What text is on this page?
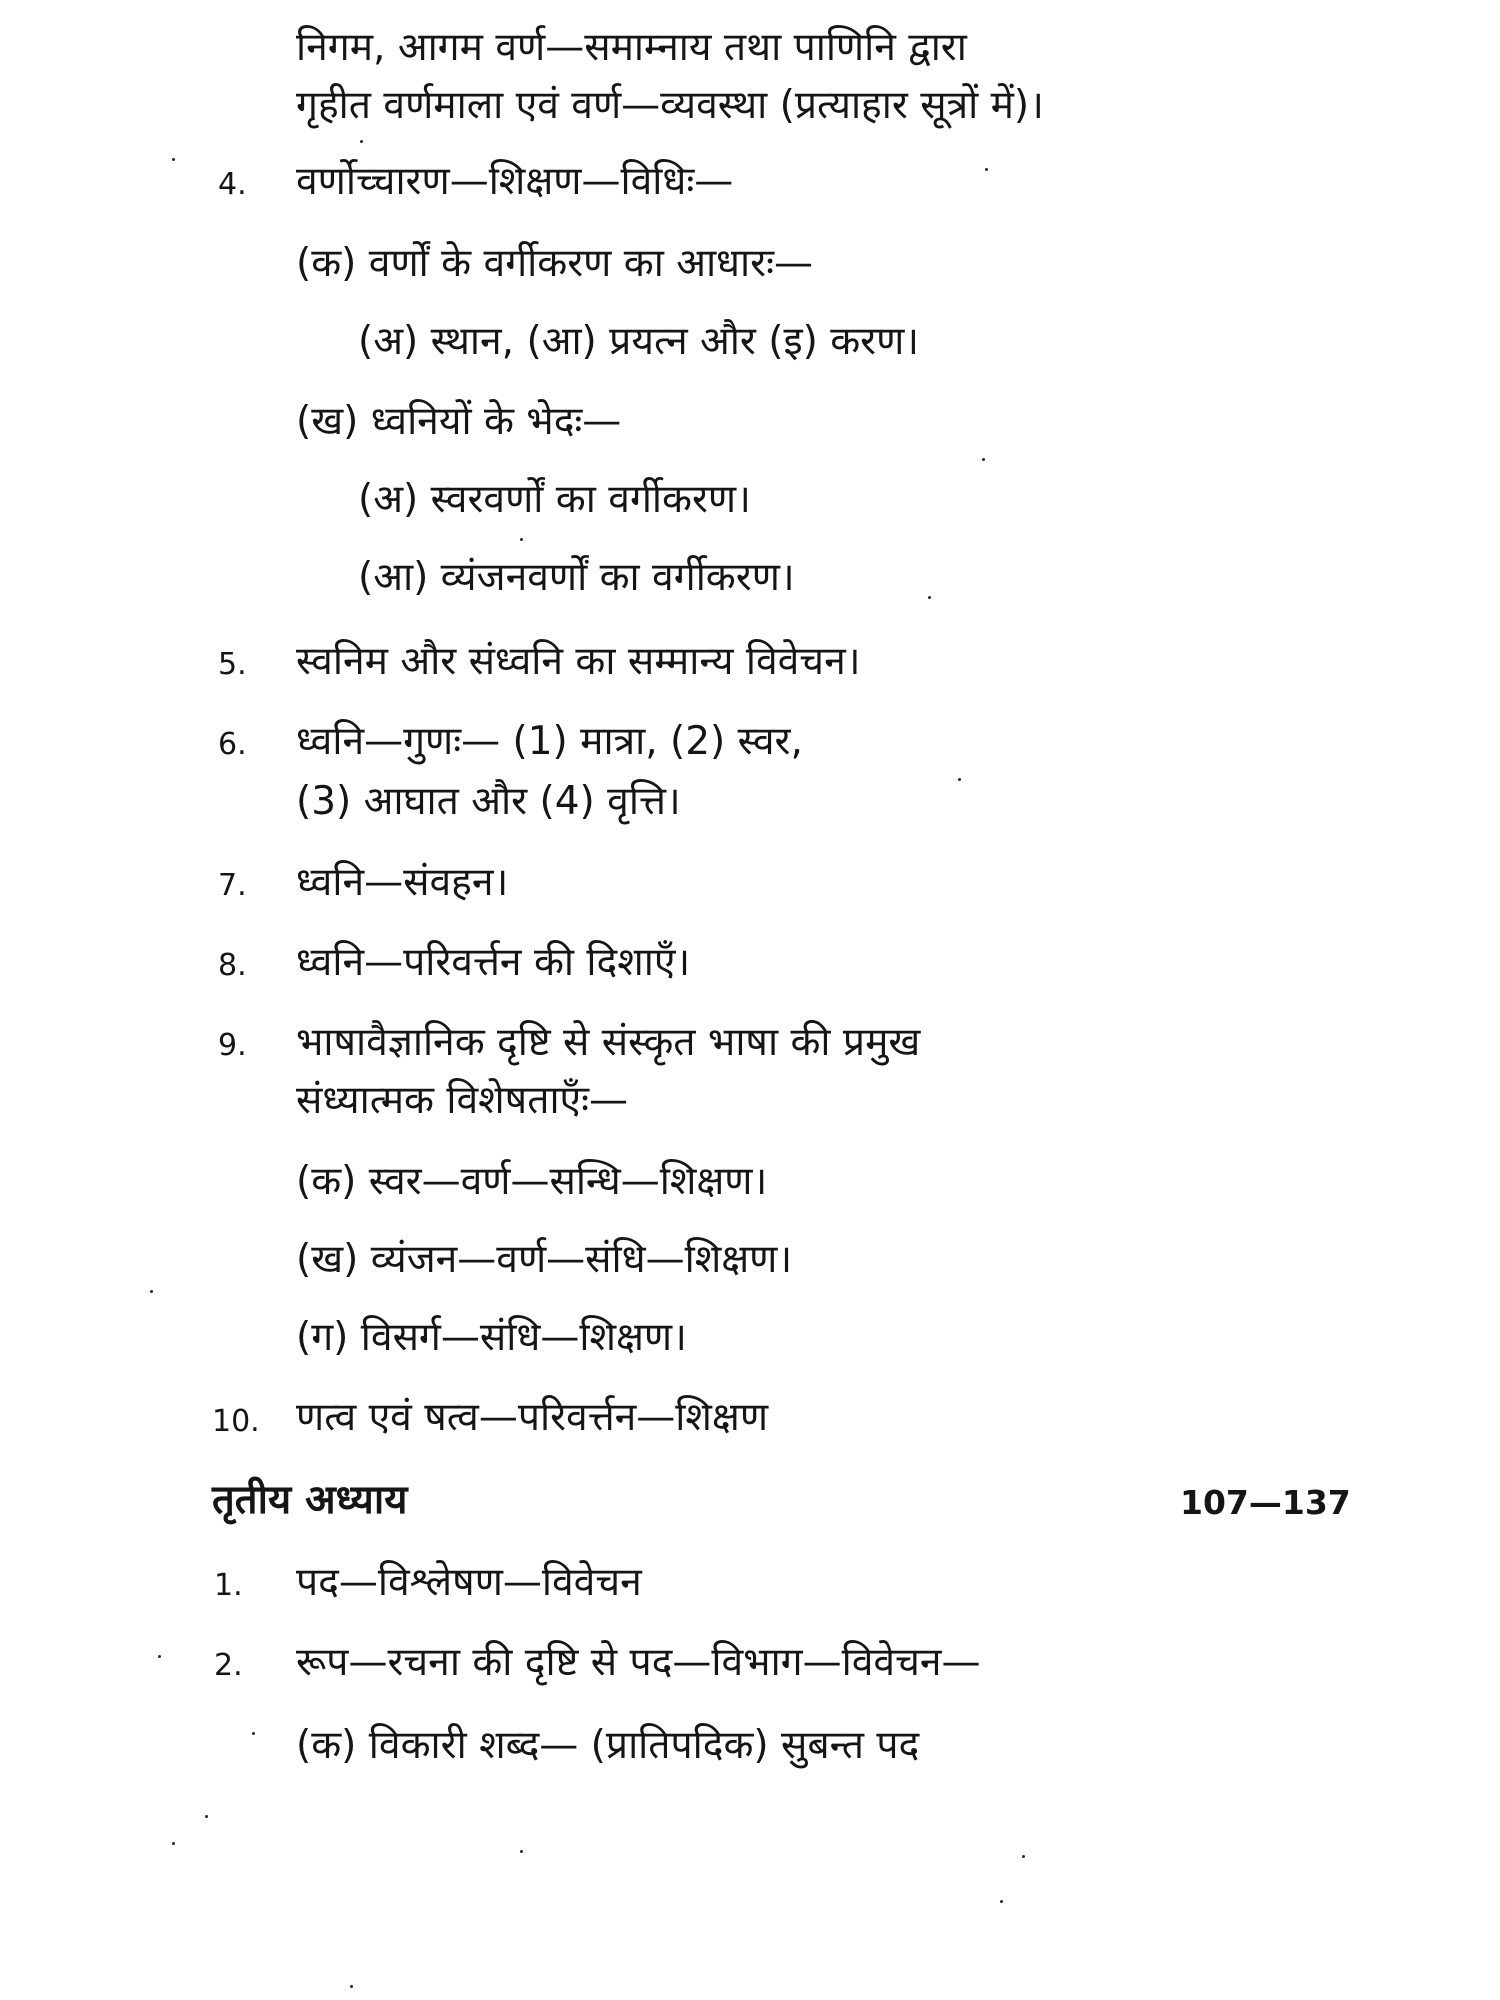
निगम, आगम वर्ण—समाम्नाय तथा पाणिनि द्वारा
गृहीत वर्णमाला एवं वर्ण—व्यवस्था (प्रत्याहार सूत्रों में)।
4. वर्णोच्चारण—शिक्षण—विधिः—
(क) वर्णों के वर्गीकरण का आधारः—
(अ) स्थान, (आ) प्रयत्न और (इ) करण।
(ख) ध्वनियों के भेदः—
(अ) स्वरवर्णों का वर्गीकरण।
(आ) व्यंजनवर्णों का वर्गीकरण।
5. स्वनिम और संध्वनि का सम्मान्य विवेचन।
6. ध्वनि—गुणः— (1) मात्रा, (2) स्वर,
(3) आघात और (4) वृत्ति।
7. ध्वनि—संवहन।
8. ध्वनि—परिवर्त्तन की दिशाएँ।
9. भाषावैज्ञानिक दृष्टि से संस्कृत भाषा की प्रमुख
संध्यात्मक विशेषताएँः—
(क) स्वर—वर्ण—सन्धि—शिक्षण।
(ख) व्यंजन—वर्ण—संधि—शिक्षण।
(ग) विसर्ग—संधि—शिक्षण।
10. णत्व एवं षत्व—परिवर्त्तन—शिक्षण
तृतीय अध्याय	107—137
1. पद—विश्लेषण—विवेचन
2. रूप—रचना की दृष्टि से पद—विभाग—विवेचन—
(क) विकारी शब्द— (प्रातिपदिक) सुबन्त पद
